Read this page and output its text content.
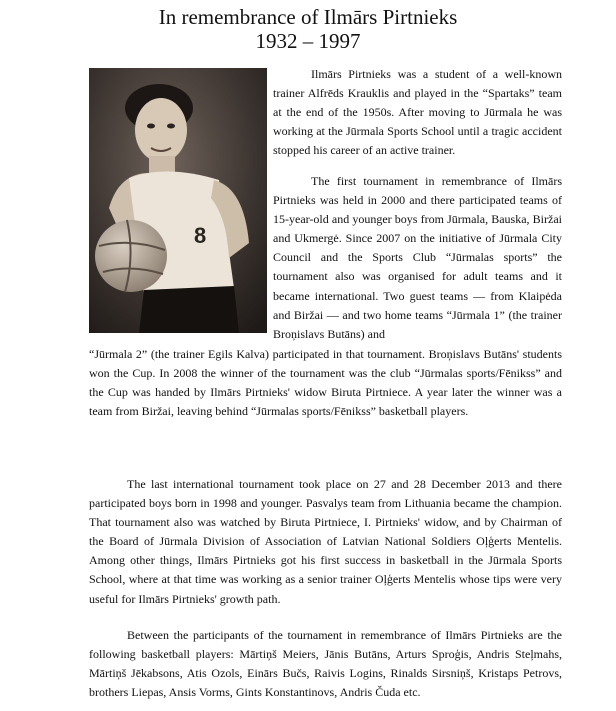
In remembrance of Ilmārs Pirtnieks
1932 – 1997
8

Ilmārs Pirtnieks was a student of a well-known trainer Alfrēds Krauklis and played in the “Spartaks” team at the end of the 1950s. After moving to Jūrmala he was working at the Jūrmala Sports School until a tragic accident stopped his career of an active trainer.

The first tournament in remembrance of Ilmārs Pirtnieks was held in 2000 and there participated teams of 15-year-old and younger boys from Jūrmala, Bauska, Biržai and Ukmergė. Since 2007 on the initiative of Jūrmala City Council and the Sports Club “Jūrmalas sports” the tournament also was organised for adult teams and it became international. Two guest teams — from Klaipėda and Biržai — and two home teams “Jūrmala 1” (the trainer Broņislavs Butāns) and

“Jūrmala 2” (the trainer Egils Kalva) participated in that tournament. Broņislavs Butāns' students won the Cup. In 2008 the winner of the tournament was the club “Jūrmalas sports/Fēnikss” and the Cup was handed by Ilmārs Pirtnieks' widow Biruta Pirtniece. A year later the winner was a team from Biržai, leaving behind “Jūrmalas sports/Fēnikss” basketball players.

The last international tournament took place on 27 and 28 December 2013 and there participated boys born in 1998 and younger. Pasvalys team from Lithuania became the champion. That tournament also was watched by Biruta Pirtniece, I. Pirtnieks' widow, and by Chairman of the Board of Jūrmala Division of Association of Latvian National Soldiers Oļģerts Mentelis. Among other things, Ilmārs Pirtnieks got his first success in basketball in the Jūrmala Sports School, where at that time was working as a senior trainer Oļģerts Mentelis whose tips were very useful for Ilmārs Pirtnieks' growth path.

Between the participants of the tournament in remembrance of Ilmārs Pirtnieks are the following basketball players: Mārtiņš Meiers, Jānis Butāns, Arturs Sproģis, Andris Steļmahs, Mārtiņš Jēkabsons, Atis Ozols, Einārs Bučs, Raivis Logins, Rinalds Sirsniņš, Kristaps Petrovs, brothers Liepas, Ansis Vorms, Gints Konstantinovs, Andris Čuda etc.
